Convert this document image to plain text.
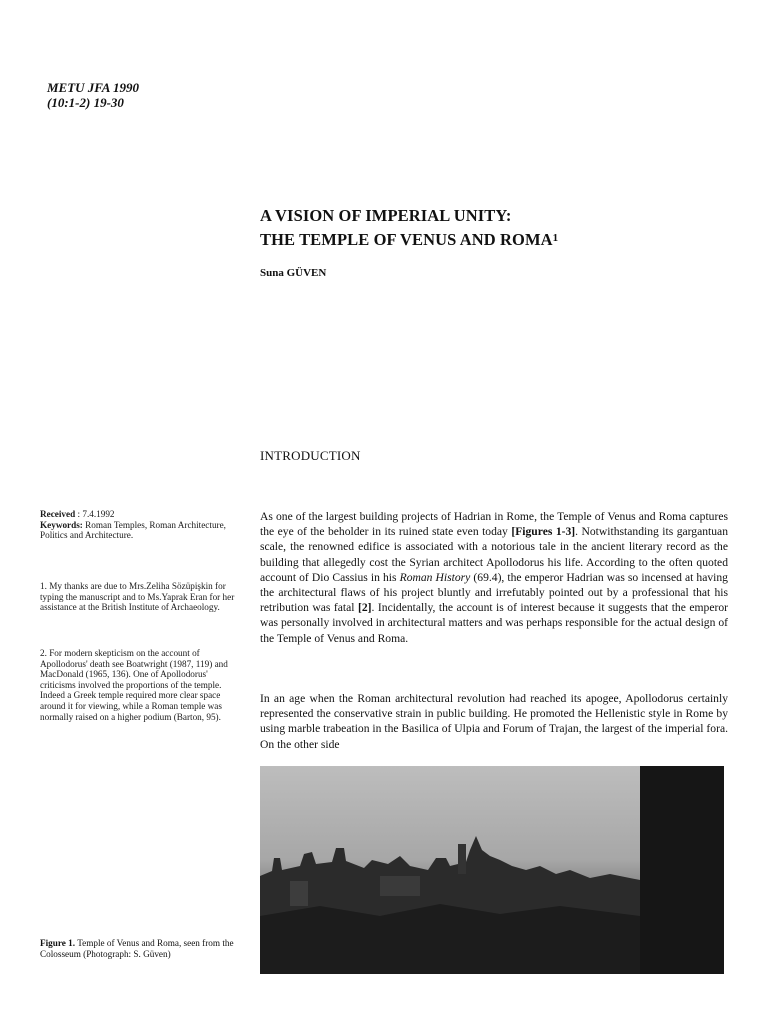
METU JFA 1990
(10:1-2) 19-30
A VISION OF IMPERIAL UNITY:
THE TEMPLE OF VENUS AND ROMA$^1$
Suna GÜVEN
INTRODUCTION
Received : 7.4.1992
Keywords: Roman Temples, Roman Architecture, Politics and Architecture.
1. My thanks are due to Mrs.Zeliha Sözüpişkin for typing the manuscript and to Ms.Yaprak Eran for her assistance at the British Institute of Archaeology.
2. For modern skepticism on the account of Apollodorus' death see Boatwright (1987, 119) and MacDonald (1965, 136). One of Apollodorus' criticisms involved the proportions of the temple. Indeed a Greek temple required more clear space around it for viewing, while a Roman temple was normally raised on a higher podium (Barton, 95).
As one of the largest building projects of Hadrian in Rome, the Temple of Venus and Roma captures the eye of the beholder in its ruined state even today [Figures 1-3]. Notwithstanding its gargantuan scale, the renowned edifice is associated with a notorious tale in the ancient literary record as the building that allegedly cost the Syrian architect Apollodorus his life. According to the often quoted account of Dio Cassius in his Roman History (69.4), the emperor Hadrian was so incensed at having the architectural flaws of his project bluntly and irrefutably pointed out by a professional that his retribution was fatal [2]. Incidentally, the account is of interest because it suggests that the emperor was personally involved in architectural matters and was perhaps responsible for the actual design of the Temple of Venus and Roma.
In an age when the Roman architectural revolution had reached its apogee, Apollodorus certainly represented the conservative strain in public building. He promoted the Hellenistic style in Rome by using marble trabeation in the Basilica of Ulpia and Forum of Trajan, the largest of the imperial fora. On the other side
Figure 1. Temple of Venus and Roma, seen from the Colosseum (Photograph: S. Güven)
